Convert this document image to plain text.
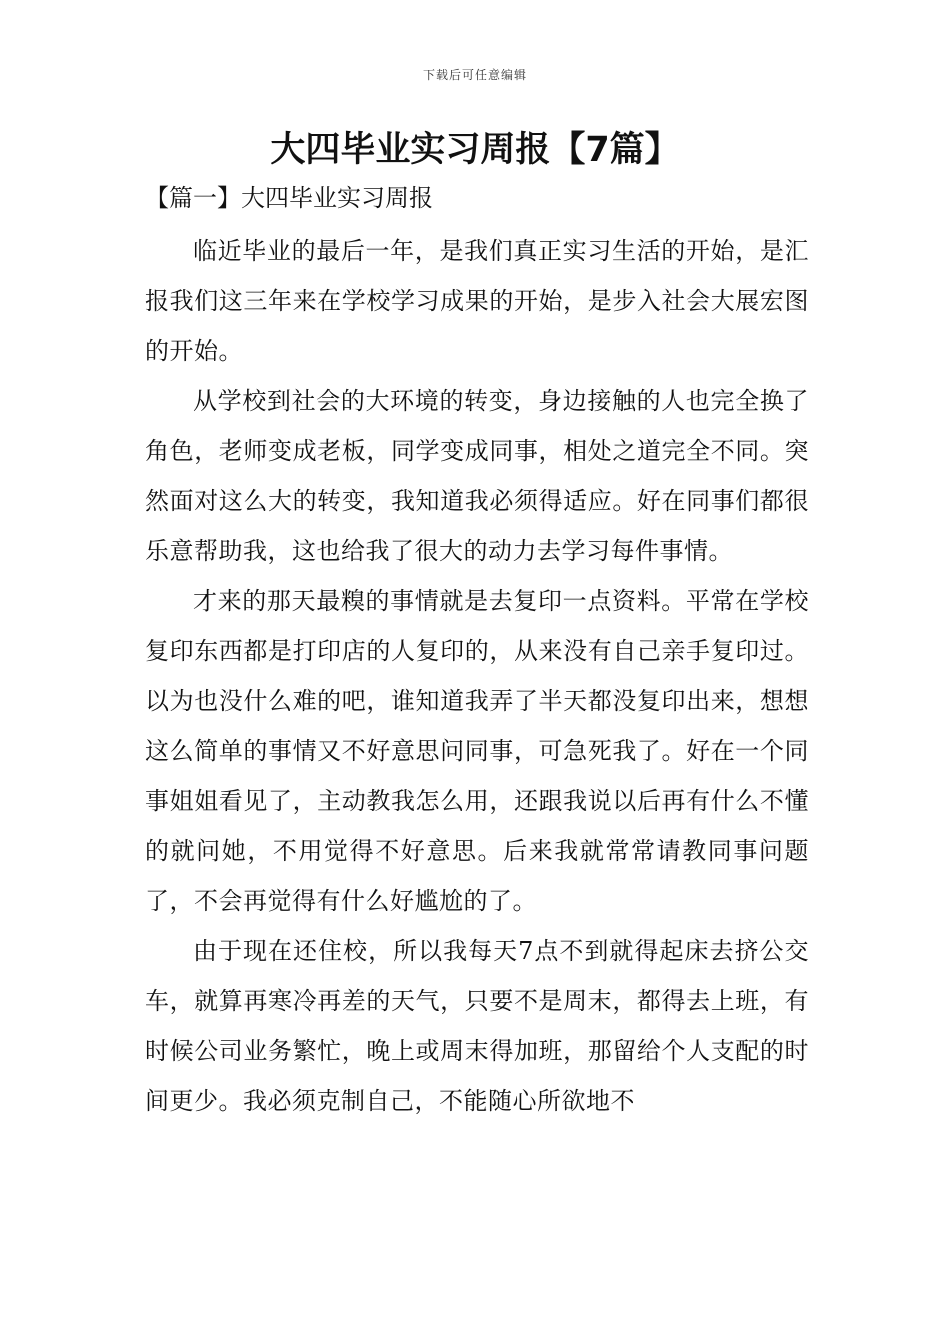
下载后可任意编辑
大四毕业实习周报【7篇】
【篇一】大四毕业实习周报

临近毕业的最后一年，是我们真正实习生活的开始，是汇报我们这三年来在学校学习成果的开始，是步入社会大展宏图的开始。

从学校到社会的大环境的转变，身边接触的人也完全换了角色，老师变成老板，同学变成同事，相处之道完全不同。突然面对这么大的转变，我知道我必须得适应。好在同事们都很乐意帮助我，这也给我了很大的动力去学习每件事情。

才来的那天最糗的事情就是去复印一点资料。平常在学校复印东西都是打印店的人复印的，从来没有自己亲手复印过。以为也没什么难的吧，谁知道我弄了半天都没复印出来，想想这么简单的事情又不好意思问同事，可急死我了。好在一个同事姐姐看见了，主动教我怎么用，还跟我说以后再有什么不懂的就问她，不用觉得不好意思。后来我就常常请教同事问题了，不会再觉得有什么好尴尬的了。

由于现在还住校，所以我每天7点不到就得起床去挤公交车，就算再寒冷再差的天气，只要不是周末，都得去上班，有时候公司业务繁忙，晚上或周末得加班，那留给个人支配的时间更少。我必须克制自己，不能随心所欲地不
